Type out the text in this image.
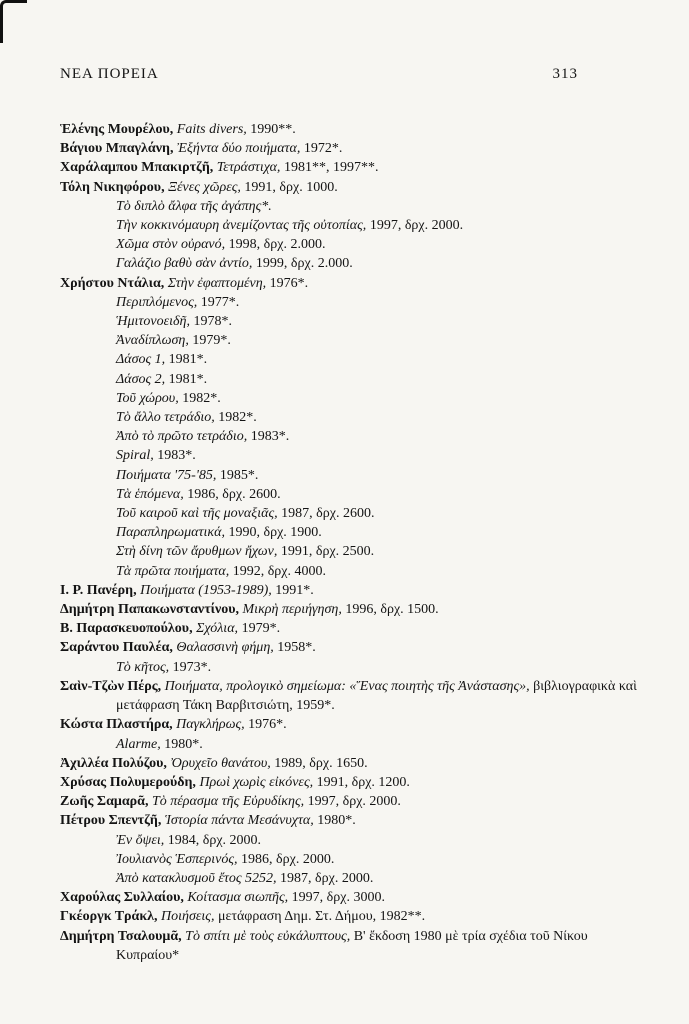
ΝΕΑ ΠΟΡΕΙΑ	313

Ἑλένης Μουρέλου, Faits divers, 1990**.

Βάγιου Μπαγλάνη, Ἐξήντα δύο ποιήματα, 1972*.

Χαράλαμπου Μπακιρτζῆ, Τετράστιχα, 1981**, 1997**.

Τόλη Νικηφόρου, Ξένες χῶρες, 1991, δρχ. 1000.

Τὸ διπλὸ ἄλφα τῆς ἀγάπης*.

Τὴν κοκκινόμαυρη ἀνεμίζοντας τῆς οὐτοπίας, 1997, δρχ. 2000.

Χῶμα στὸν οὐρανό, 1998, δρχ. 2.000.

Γαλάζιο βαθὺ σὰν ἀντίο, 1999, δρχ. 2.000.

Χρήστου Ντάλια, Στὴν ἐφαπτομένη, 1976*.

Περιπλόμενος, 1977*.

Ἡμιτονοειδῆ, 1978*.

Ἀναδίπλωση, 1979*.

Δάσος 1, 1981*.

Δάσος 2, 1981*.

Τοῦ χώρου, 1982*.

Τὸ ἄλλο τετράδιο, 1982*.

Ἀπὸ τὸ πρῶτο τετράδιο, 1983*.

Spiral, 1983*.

Ποιήματα '75-'85, 1985*.

Τὰ ἑπόμενα, 1986, δρχ. 2600.

Τοῦ καιροῦ καὶ τῆς μοναξιᾶς, 1987, δρχ. 2600.

Παραπληρωματικά, 1990, δρχ. 1900.

Στὴ δίνη τῶν ἄρυθμων ἤχων, 1991, δρχ. 2500.

Τὰ πρῶτα ποιήματα, 1992, δρχ. 4000.

Ι. Ρ. Πανέρη, Ποιήματα (1953-1989), 1991*.

Δημήτρη Παπακωνσταντίνου, Μικρὴ περιήγηση, 1996, δρχ. 1500.

Β. Παρασκευοπούλου, Σχόλια, 1979*.

Σαράντου Παυλέα, Θαλασσινὴ φήμη, 1958*.

Τὸ κῆτος, 1973*.

Σαὶν-Τζὼν Πέρς, Ποιήματα, προλογικὸ σημείωμα: «Ἕνας ποιητὴς τῆς Ἀνάστασης», βιβλιογραφικὰ καὶ μετάφραση Τάκη Βαρβιτσιώτη, 1959*.

Κώστα Πλαστήρα, Παγκλήρως, 1976*.

Alarme, 1980*.

Ἀχιλλέα Πολύζου, Ὀρυχεῖο θανάτου, 1989, δρχ. 1650.

Χρύσας Πολυμερούδη, Πρωὶ χωρὶς εἰκόνες, 1991, δρχ. 1200.

Ζωῆς Σαμαρᾶ, Τὸ πέρασμα τῆς Εὐρυδίκης, 1997, δρχ. 2000.

Πέτρου Σπεντζῆ, Ἱστορία πάντα Μεσάνυχτα, 1980*.

Ἐν ὄψει, 1984, δρχ. 2000.

Ἰουλιανὸς Ἑσπερινός, 1986, δρχ. 2000.

Ἀπὸ κατακλυσμοῦ ἔτος 5252, 1987, δρχ. 2000.

Χαρούλας Συλλαίου, Κοίτασμα σιωπῆς, 1997, δρχ. 3000.

Γκέοργκ Τράκλ, Ποιήσεις, μετάφραση Δημ. Στ. Δήμου, 1982**.

Δημήτρη Τσαλουμᾶ, Τὸ σπίτι μὲ τοὺς εὐκάλυπτους, Β' ἔκδοση 1980 μὲ τρία σχέδια τοῦ Νίκου Κυπραίου*
